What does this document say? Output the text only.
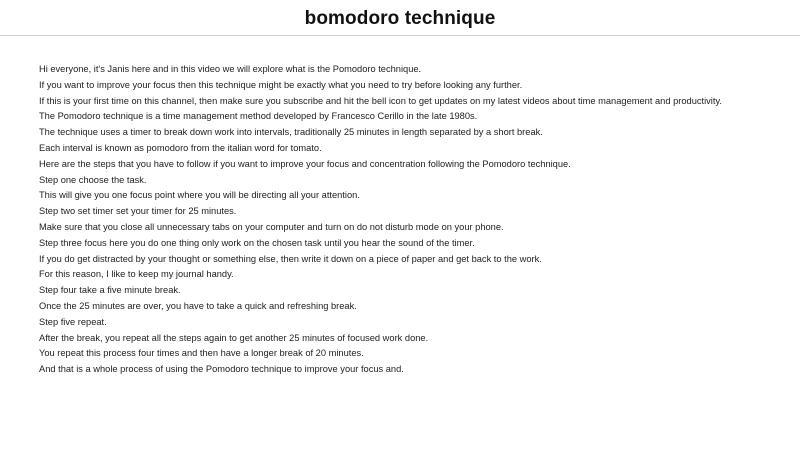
bomodoro technique

Hi everyone, it's Janis here and in this video we will explore what is the Pomodoro technique.

If you want to improve your focus then this technique might be exactly what you need to try before looking any further.

If this is your first time on this channel, then make sure you subscribe and hit the bell icon to get updates on my latest videos about time management and productivity.

The Pomodoro technique is a time management method developed by Francesco Cerillo in the late 1980s.

The technique uses a timer to break down work into intervals, traditionally 25 minutes in length separated by a short break.

Each interval is known as pomodoro from the italian word for tomato.

Here are the steps that you have to follow if you want to improve your focus and concentration following the Pomodoro technique.

Step one choose the task.

This will give you one focus point where you will be directing all your attention.

Step two set timer set your timer for 25 minutes.

Make sure that you close all unnecessary tabs on your computer and turn on do not disturb mode on your phone.

Step three focus here you do one thing only work on the chosen task until you hear the sound of the timer.

If you do get distracted by your thought or something else, then write it down on a piece of paper and get back to the work.

For this reason, I like to keep my journal handy.

Step four take a five minute break.

Once the 25 minutes are over, you have to take a quick and refreshing break.

Step five repeat.

After the break, you repeat all the steps again to get another 25 minutes of focused work done.

You repeat this process four times and then have a longer break of 20 minutes.

And that is a whole process of using the Pomodoro technique to improve your focus and.
